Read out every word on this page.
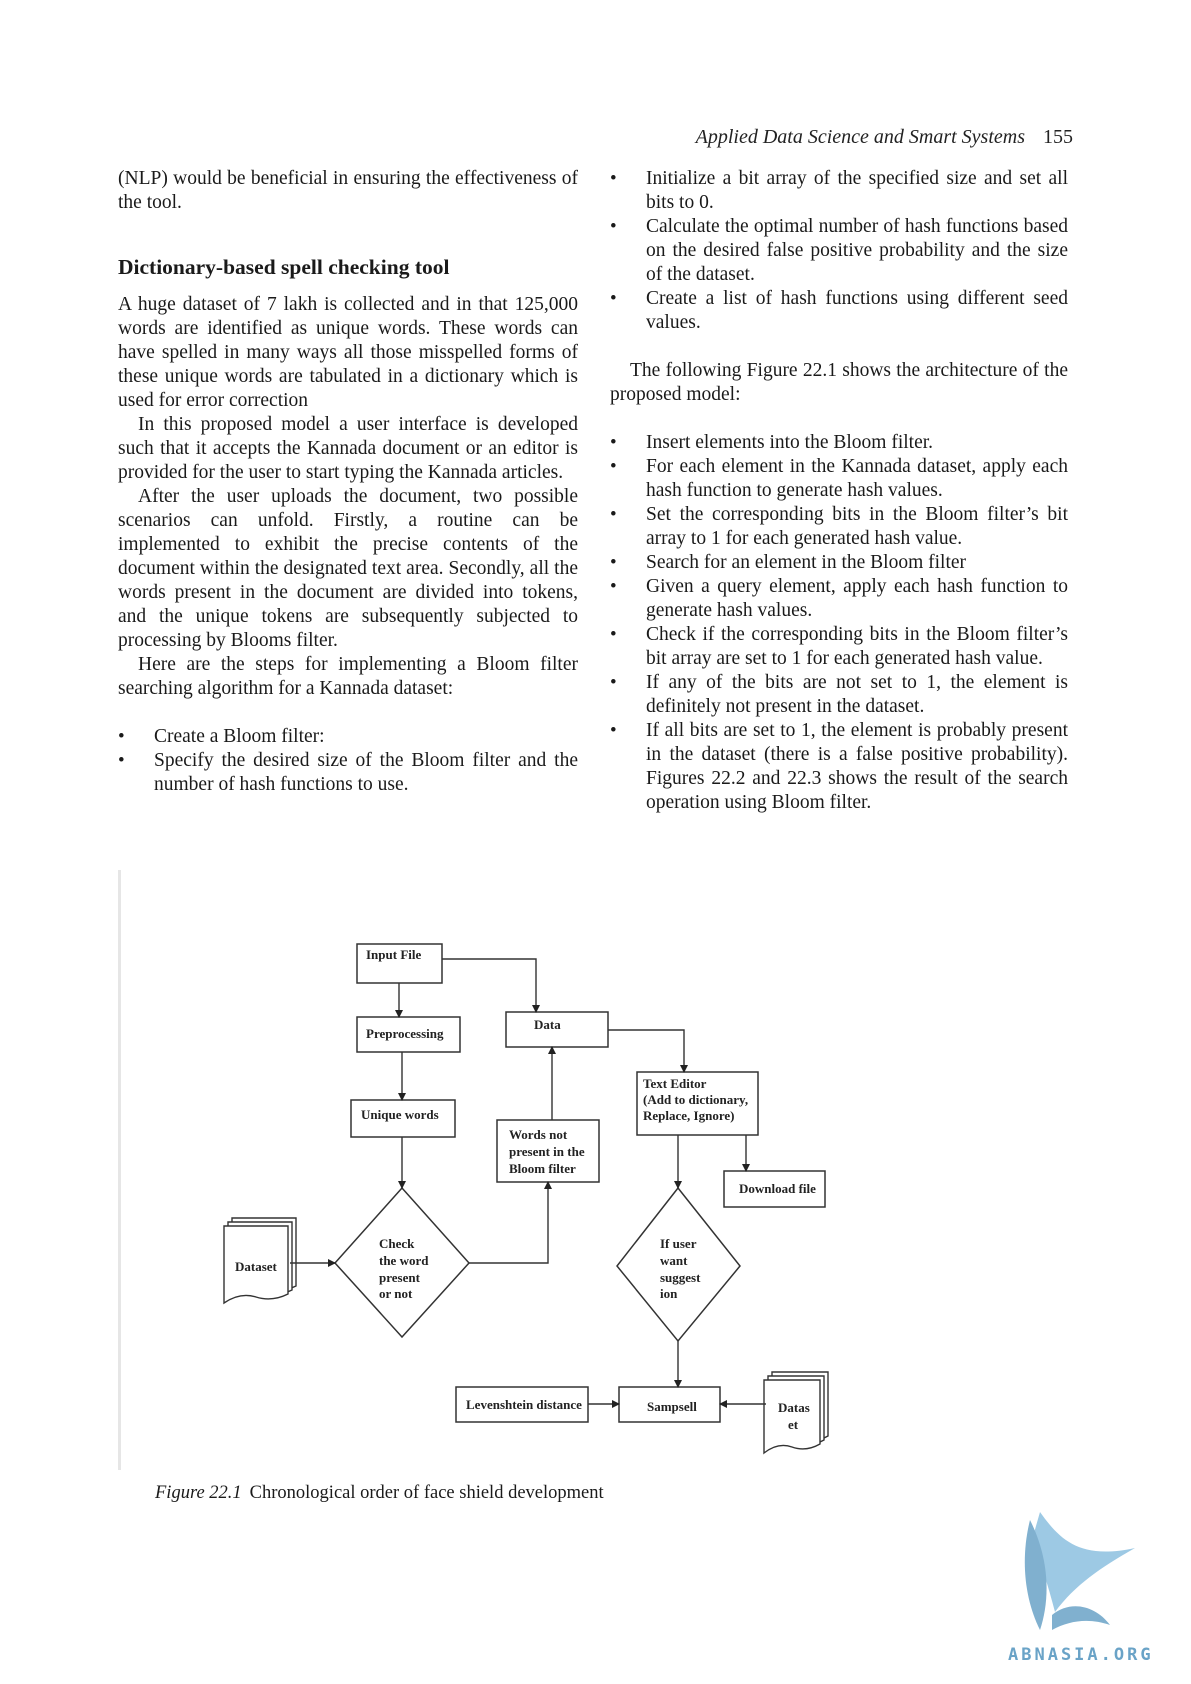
Applied Data Science and Smart Systems 155

(NLP) would be beneficial in ensuring the effectiveness of the tool.

Dictionary-based spell checking tool

A huge dataset of 7 lakh is collected and in that 125,000 words are identified as unique words. These words can have spelled in many ways all those misspelled forms of these unique words are tabulated in a dictionary which is used for error correction

In this proposed model a user interface is developed such that it accepts the Kannada document or an editor is provided for the user to start typing the Kannada articles.

After the user uploads the document, two possible scenarios can unfold. Firstly, a routine can be implemented to exhibit the precise contents of the document within the designated text area. Secondly, all the words present in the document are divided into tokens, and the unique tokens are subsequently subjected to processing by Blooms filter.

Here are the steps for implementing a Bloom filter searching algorithm for a Kannada dataset:

• Create a Bloom filter:
• Specify the desired size of the Bloom filter and the number of hash functions to use.
• Initialize a bit array of the specified size and set all bits to 0.
• Calculate the optimal number of hash functions based on the desired false positive probability and the size of the dataset.
• Create a list of hash functions using different seed values.

The following Figure 22.1 shows the architecture of the proposed model:

• Insert elements into the Bloom filter.
• For each element in the Kannada dataset, apply each hash function to generate hash values.
• Set the corresponding bits in the Bloom filter’s bit array to 1 for each generated hash value.
• Search for an element in the Bloom filter
• Given a query element, apply each hash function to generate hash values.
• Check if the corresponding bits in the Bloom filter’s bit array are set to 1 for each generated hash value.
• If any of the bits are not set to 1, the element is definitely not present in the dataset.
• If all bits are set to 1, the element is probably present in the dataset (there is a false positive probability). Figures 22.2 and 22.3 shows the result of the search operation using Bloom filter.
Input File
Preprocessing
Data
Unique words
Text Editor
(Add to dictionary,
Replace, Ignore)
Words not
present in the
Bloom filter
Download file
Dataset
Check
the word
present
or not
If user
want
suggest
ion
Levenshtein distance	Sampsell	Datas
et
Figure 22.1 Chronological order of face shield development
ABNASIA.ORG
